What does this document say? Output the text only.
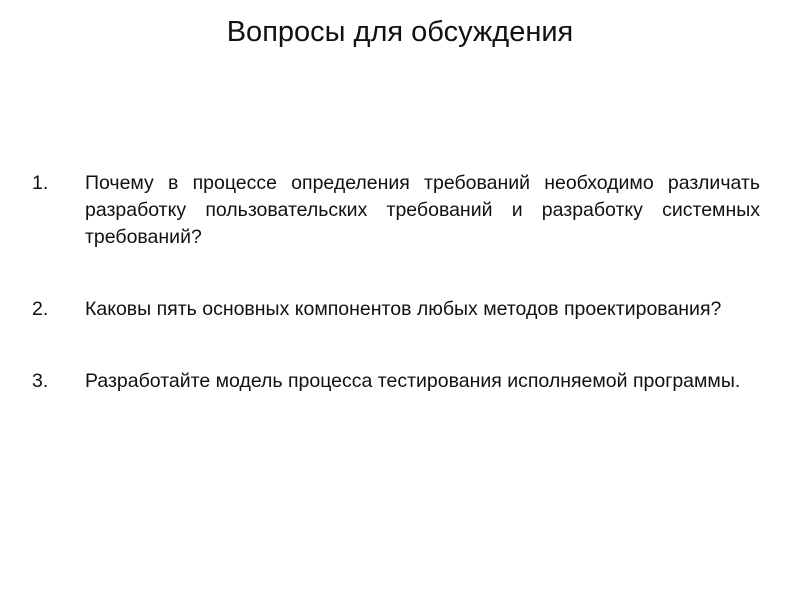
Вопросы для обсуждения
1.	Почему в процессе определения требований необходимо различать разработку пользовательских требований и разработку системных требований?
2.	Каковы пять основных компонентов любых методов проектирования?
3.	Разработайте модель процесса тестирования исполняемой программы.
